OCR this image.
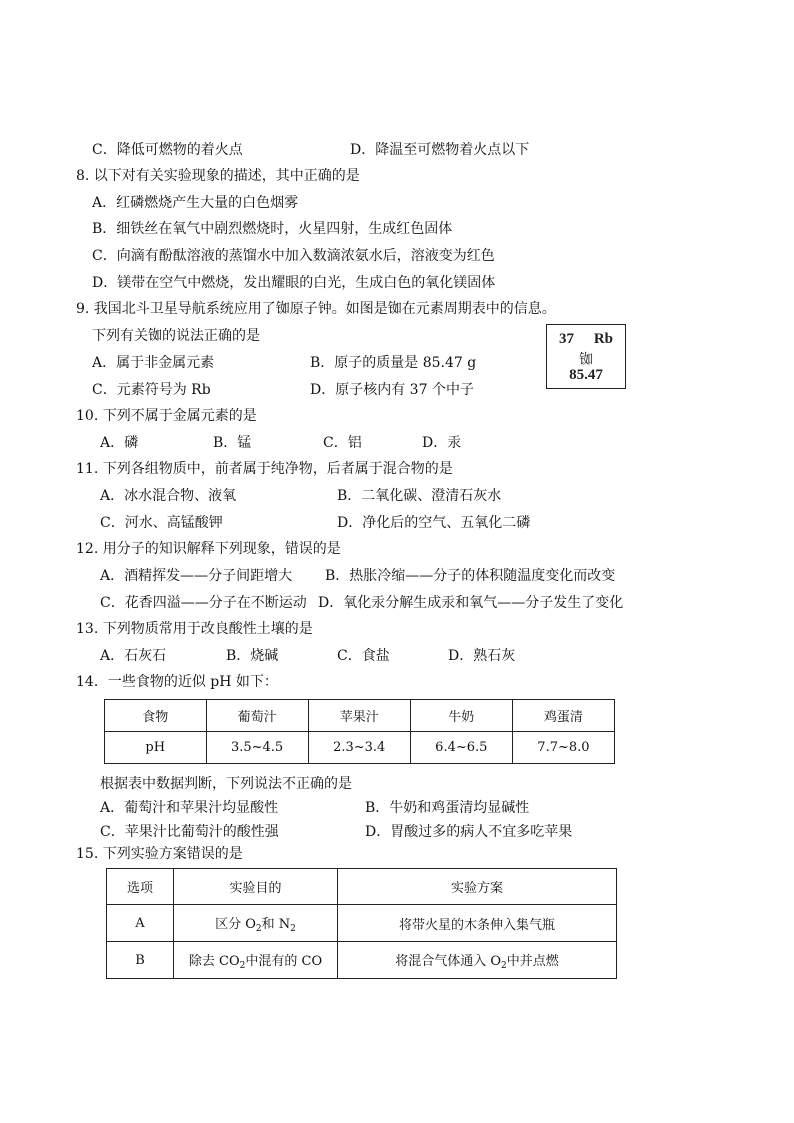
C．降低可燃物的着火点	D．降温至可燃物着火点以下
8. 以下对有关实验现象的描述，其中正确的是
A．红磷燃烧产生大量的白色烟雾
B．细铁丝在氧气中剧烈燃烧时，火星四射，生成红色固体
C．向滴有酚酞溶液的蒸馏水中加入数滴浓氨水后，溶液变为红色
D．镁带在空气中燃烧，发出耀眼的白光，生成白色的氧化镁固体
9. 我国北斗卫星导航系统应用了铷原子钟。如图是铷在元素周期表中的信息。
下列有关铷的说法正确的是
A．属于非金属元素	B．原子的质量是 85.47 g
C．元素符号为 Rb	D．原子核内有 37 个中子
37 Rb
铷
85.47
10. 下列不属于金属元素的是
A．磷	B．锰	C．铝	D．汞
11. 下列各组物质中，前者属于纯净物，后者属于混合物的是
A．冰水混合物、液氧	B．二氧化碳、澄清石灰水
C．河水、高锰酸钾	D．净化后的空气、五氧化二磷
12. 用分子的知识解释下列现象，错误的是
A．酒精挥发——分子间距增大 B．热胀冷缩——分子的体积随温度变化而改变
C．花香四溢——分子在不断运动 D．氧化汞分解生成汞和氧气——分子发生了变化
13. 下列物质常用于改良酸性土壤的是
A．石灰石	B．烧碱	C．食盐	D．熟石灰
14．一些食物的近似 pH 如下：
食物	葡萄汁	苹果汁	牛奶	鸡蛋清
pH	3.5~4.5	2.3~3.4	6.4~6.5	7.7~8.0
根据表中数据判断，下列说法不正确的是
A．葡萄汁和苹果汁均显酸性	B．牛奶和鸡蛋清均显碱性
C．苹果汁比葡萄汁的酸性强	D．胃酸过多的病人不宜多吃苹果
15. 下列实验方案错误的是
选项	实验目的	实验方案
A	区分 $O_2$和 $N_2$	将带火星的木条伸入集气瓶
B	除去 $CO_2$中混有的 CO	将混合气体通入 $O_2$中并点燃
